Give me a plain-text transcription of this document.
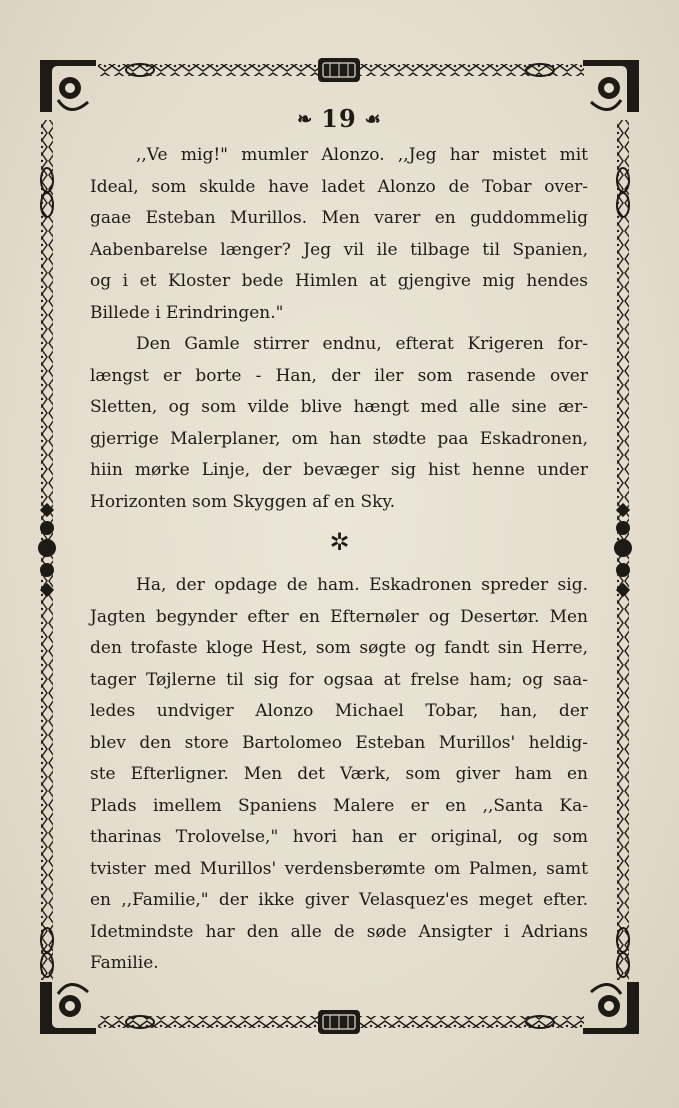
❧ 19 ☙
,,Ve mig!" mumler Alonzo. ,,Jeg har mistet mit
Ideal, som skulde have ladet Alonzo de Tobar over-
gaae Esteban Murillos. Men varer en guddommelig
Aabenbarelse længer? Jeg vil ile tilbage til Spanien,
og i et Kloster bede Himlen at gjengive mig hendes
Billede i Erindringen."
Den Gamle stirrer endnu, efterat Krigeren for-
længst er borte - Han, der iler som rasende over
Sletten, og som vilde blive hængt med alle sine ær-
gjerrige Malerplaner, om han stødte paa Eskadronen,
hiin mørke Linje, der bevæger sig hist henne under
Horizonten som Skyggen af en Sky.
✲
Ha, der opdage de ham. Eskadronen spreder sig.
Jagten begynder efter en Efternøler og Desertør. Men
den trofaste kloge Hest, som søgte og fandt sin Herre,
tager Tøjlerne til sig for ogsaa at frelse ham; og saa-
ledes undviger Alonzo Michael Tobar, han, der
blev den store Bartolomeo Esteban Murillos' heldig-
ste Efterligner. Men det Værk, som giver ham en
Plads imellem Spaniens Malere er en ,,Santa Ka-
tharinas Trolovelse," hvori han er original, og som
tvister med Murillos' verdensberømte om Palmen, samt
en ,,Familie," der ikke giver Velasquez'es meget efter.
Idetmindste har den alle de søde Ansigter i Adrians
Familie.
